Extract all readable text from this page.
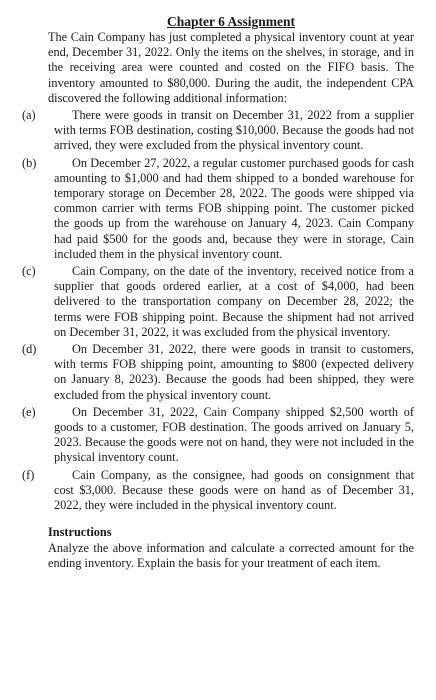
Chapter 6 Assignment

The Cain Company has just completed a physical inventory count at year end, December 31, 2022. Only the items on the shelves, in storage, and in the receiving area were counted and costed on the FIFO basis. The inventory amounted to $80,000. During the audit, the independent CPA discovered the following additional information:

(a)	There were goods in transit on December 31, 2022 from a supplier with terms FOB destination, costing $10,000. Because the goods had not arrived, they were excluded from the physical inventory count.

(b)	On December 27, 2022, a regular customer purchased goods for cash amounting to $1,000 and had them shipped to a bonded warehouse for temporary storage on December 28, 2022. The goods were shipped via common carrier with terms FOB shipping point. The customer picked the goods up from the warehouse on January 4, 2023. Cain Company had paid $500 for the goods and, because they were in storage, Cain included them in the physical inventory count.

(c)	Cain Company, on the date of the inventory, received notice from a supplier that goods ordered earlier, at a cost of $4,000, had been delivered to the transportation company on December 28, 2022; the terms were FOB shipping point. Because the shipment had not arrived on December 31, 2022, it was excluded from the physical inventory.

(d)	On December 31, 2022, there were goods in transit to customers, with terms FOB shipping point, amounting to $800 (expected delivery on January 8, 2023). Because the goods had been shipped, they were excluded from the physical inventory count.

(e)	On December 31, 2022, Cain Company shipped $2,500 worth of goods to a customer, FOB destination. The goods arrived on January 5, 2023. Because the goods were not on hand, they were not included in the physical inventory count.

(f)	Cain Company, as the consignee, had goods on consignment that cost $3,000. Because these goods were on hand as of December 31, 2022, they were included in the physical inventory count.

Instructions

Analyze the above information and calculate a corrected amount for the ending inventory. Explain the basis for your treatment of each item.
